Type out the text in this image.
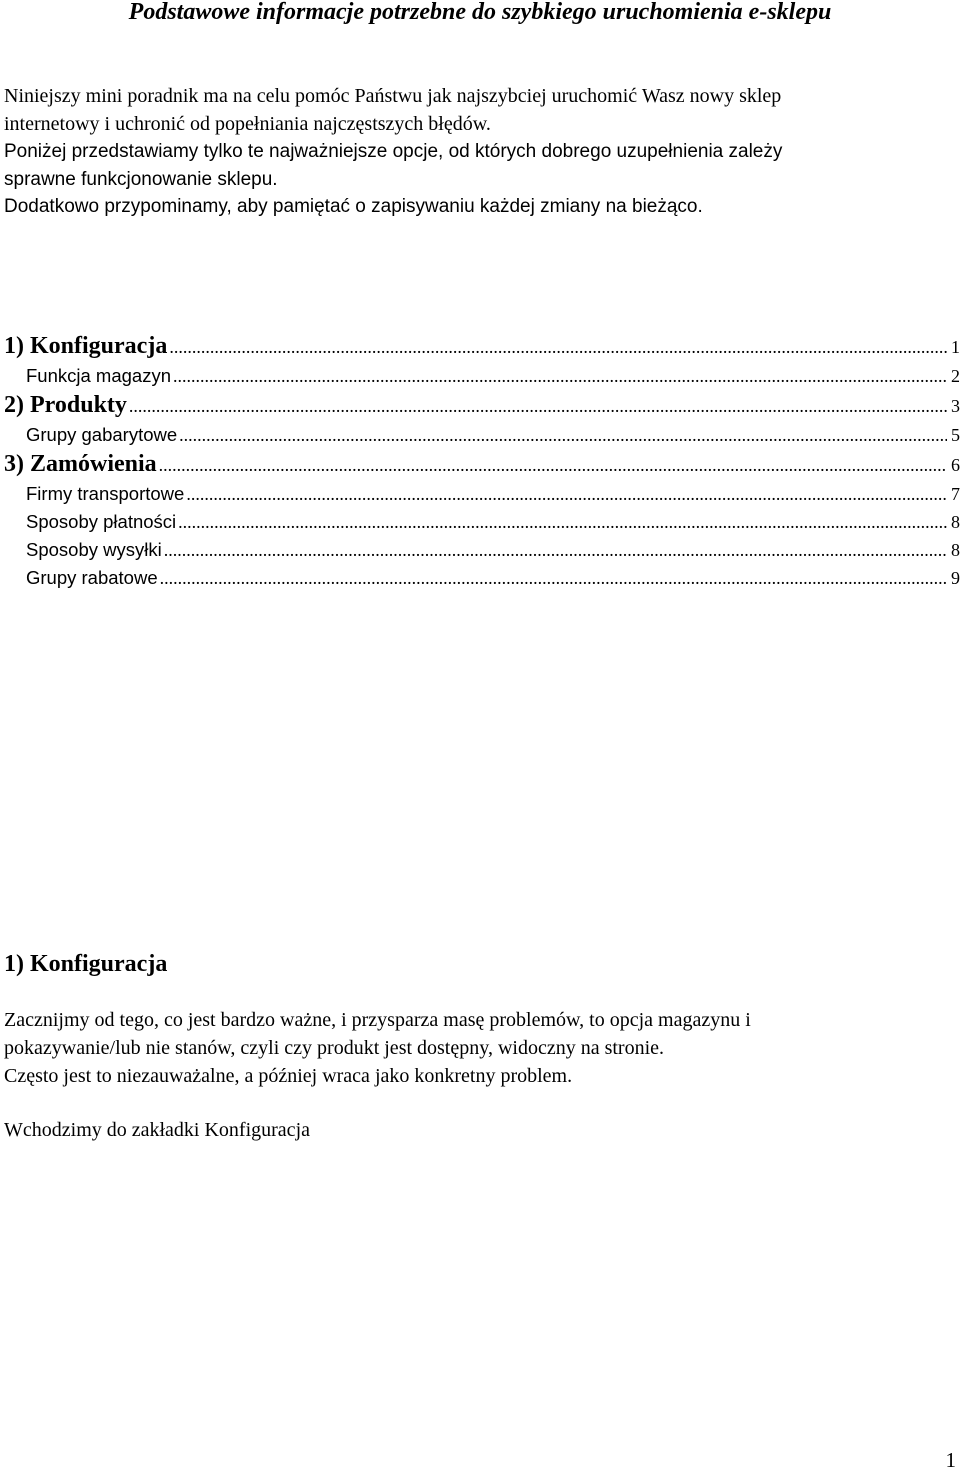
Podstawowe informacje potrzebne do szybkiego uruchomienia e-sklepu
Niniejszy mini poradnik ma na celu pomóc Państwu jak najszybciej uruchomić Wasz nowy sklep
internetowy i uchronić od popełniania najczęstszych błędów.
Poniżej przedstawiamy tylko te najważniejsze opcje, od których dobrego uzupełnienia zależy
sprawne funkcjonowanie sklepu.
Dodatkowo przypominamy, aby pamiętać o zapisywaniu każdej zmiany na bieżąco.
1) Konfiguracja .....	1
Funkcja magazyn .....	2
2) Produkty .....	3
Grupy gabarytowe .....	5
3) Zamówienia .....	6
Firmy transportowe .....	7
Sposoby płatności .....	8
Sposoby wysyłki .....	8
Grupy rabatowe .....	9
1) Konfiguracja
Zacznijmy od tego, co jest bardzo ważne, i przysparza masę problemów, to opcja magazynu i
pokazywanie/lub nie stanów, czyli czy produkt jest dostępny, widoczny na stronie.
Często jest to niezauważalne, a później wraca jako konkretny problem.
Wchodzimy do zakładki Konfiguracja
1
